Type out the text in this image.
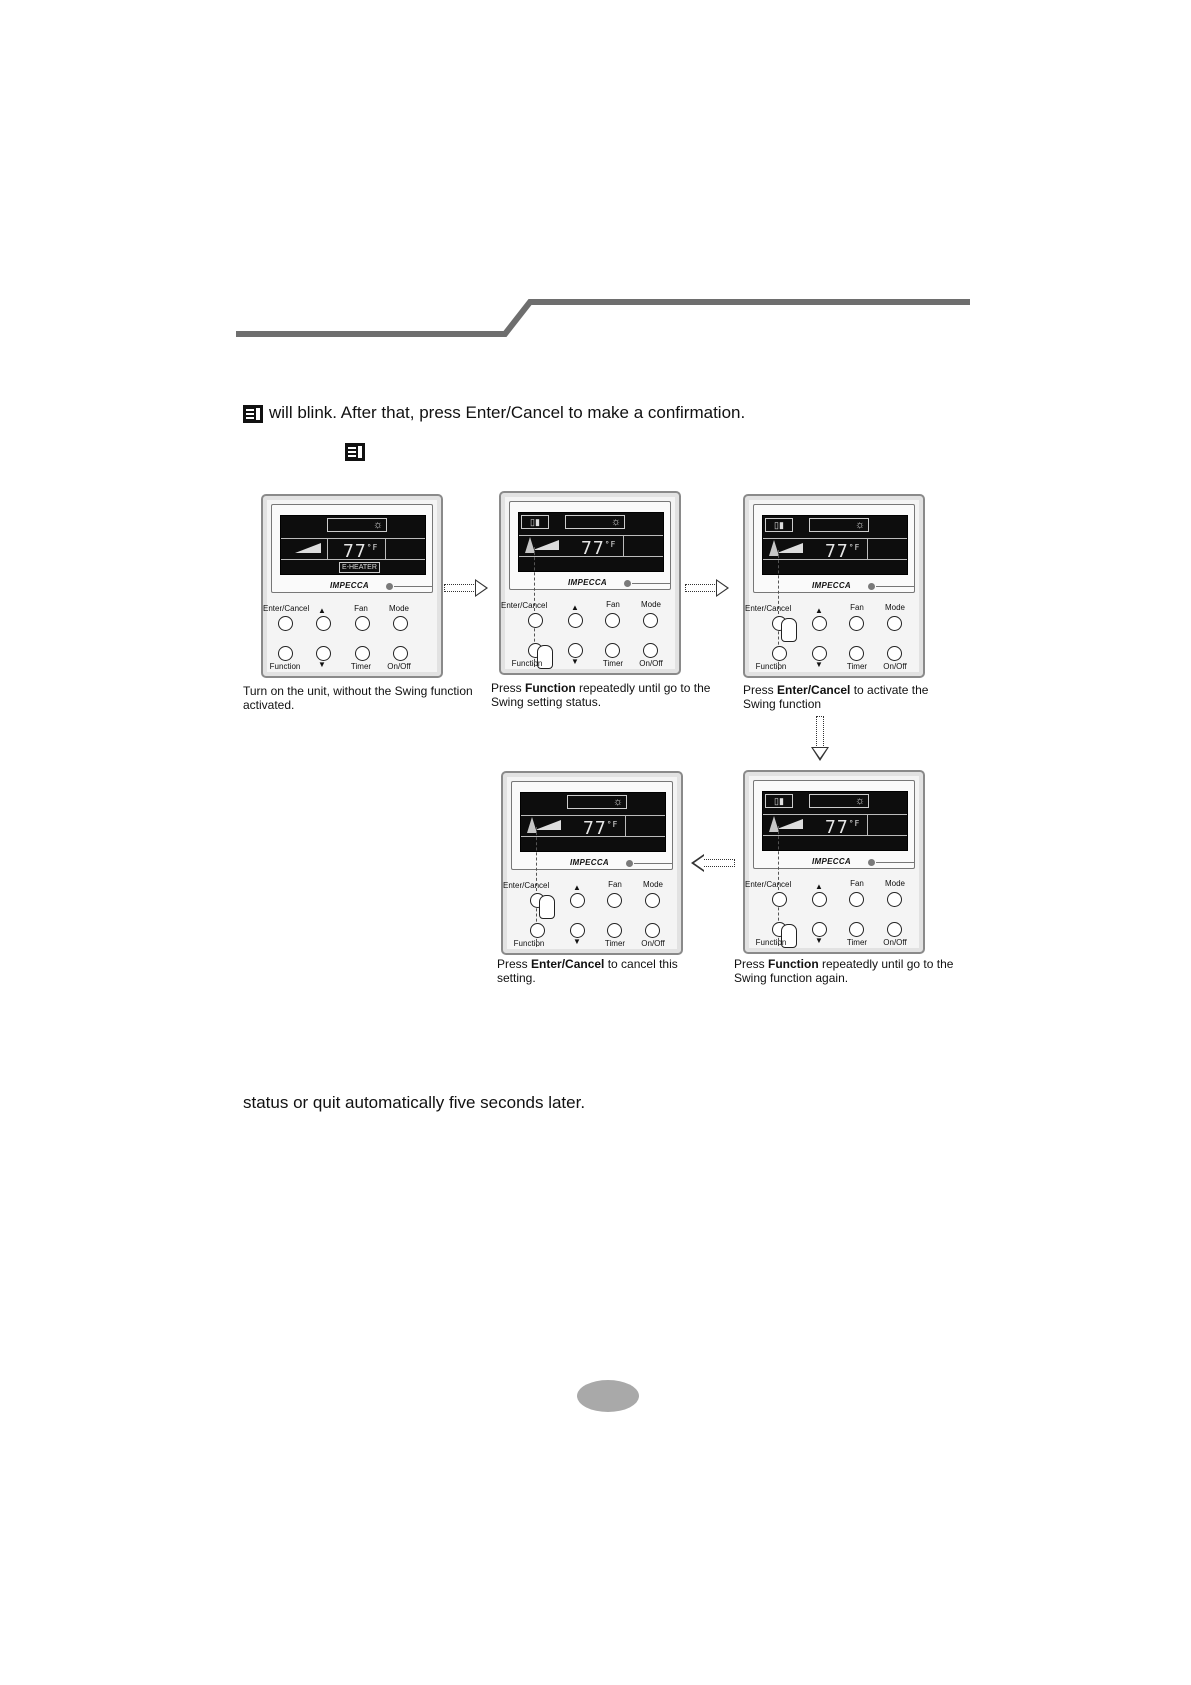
will blink. After that, press Enter/Cancel to make a confirmation.
☼
$77^{^\circ F}$
E-HEATER
IMPECCA
Enter/Cancel	▲	Fan	Mode
Function	▼	Timer	On/Off
Turn on the unit, without the Swing function activated.
▯▮	☼
$77^{^\circ F}$
IMPECCA
Enter/Cancel	▲	Fan	Mode
Function	▼	Timer	On/Off
Press Function repeatedly until go to the Swing setting status.
▯▮	☼
$77^{^\circ F}$
IMPECCA
Enter/Cancel	▲	Fan	Mode
Function	▼	Timer	On/Off
Press Enter/Cancel to activate the Swing function
▯▮	☼
$77^{^\circ F}$
IMPECCA
Enter/Cancel	▲	Fan	Mode
Function	▼	Timer	On/Off
Press Function repeatedly until go to the Swing function again.
☼
$77^{^\circ F}$
IMPECCA
Enter/Cancel	▲	Fan	Mode
Function	▼	Timer	On/Off
Press Enter/Cancel to cancel this setting.
status or quit automatically five seconds later.
